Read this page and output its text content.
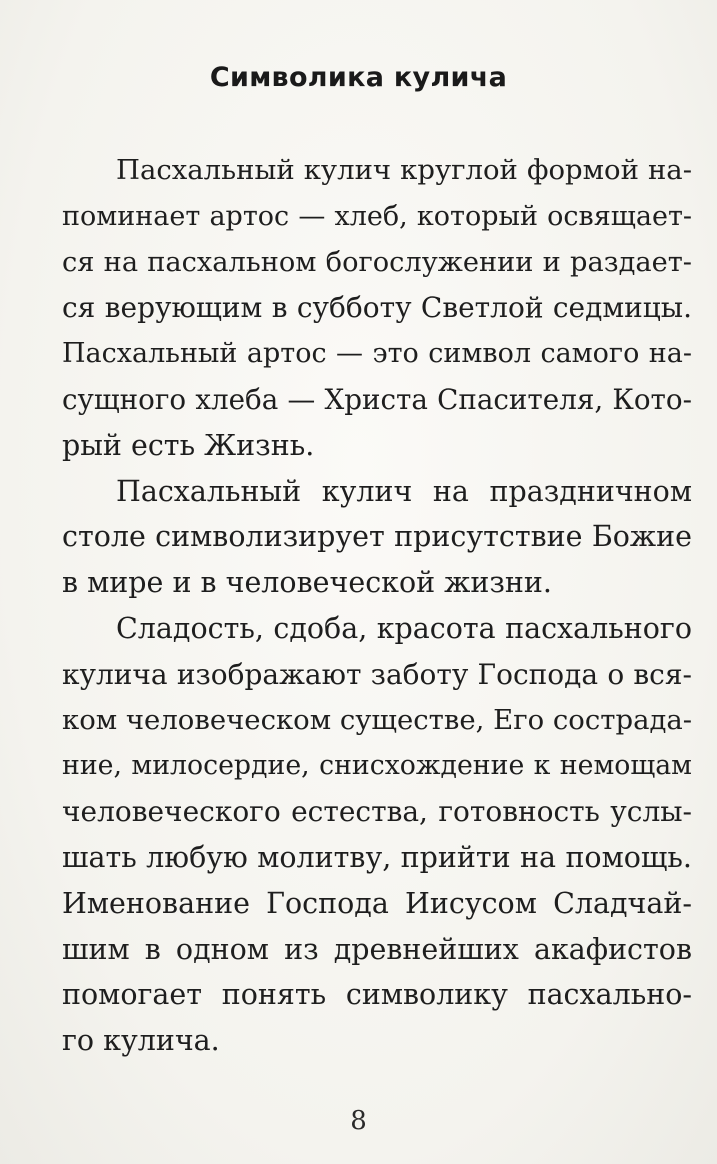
Символика кулича

Пасхальный кулич круглой формой на-
поминает артос — хлеб, который освящает-
ся на пасхальном богослужении и раздает-
ся верующим в субботу Светлой седмицы.
Пасхальный артос — это символ самого на-
сущного хлеба — Христа Спасителя, Кото-
рый есть Жизнь.

Пасхальный кулич на праздничном
столе символизирует присутствие Божие
в мире и в человеческой жизни.

Сладость, сдоба, красота пасхального
кулича изображают заботу Господа о вся-
ком человеческом существе, Его сострада-
ние, милосердие, снисхождение к немощам
человеческого естества, готовность услы-
шать любую молитву, прийти на помощь.
Именование Господа Иисусом Сладчай-
шим в одном из древнейших акафистов
помогает понять символику пасхально-
го кулича.

8
